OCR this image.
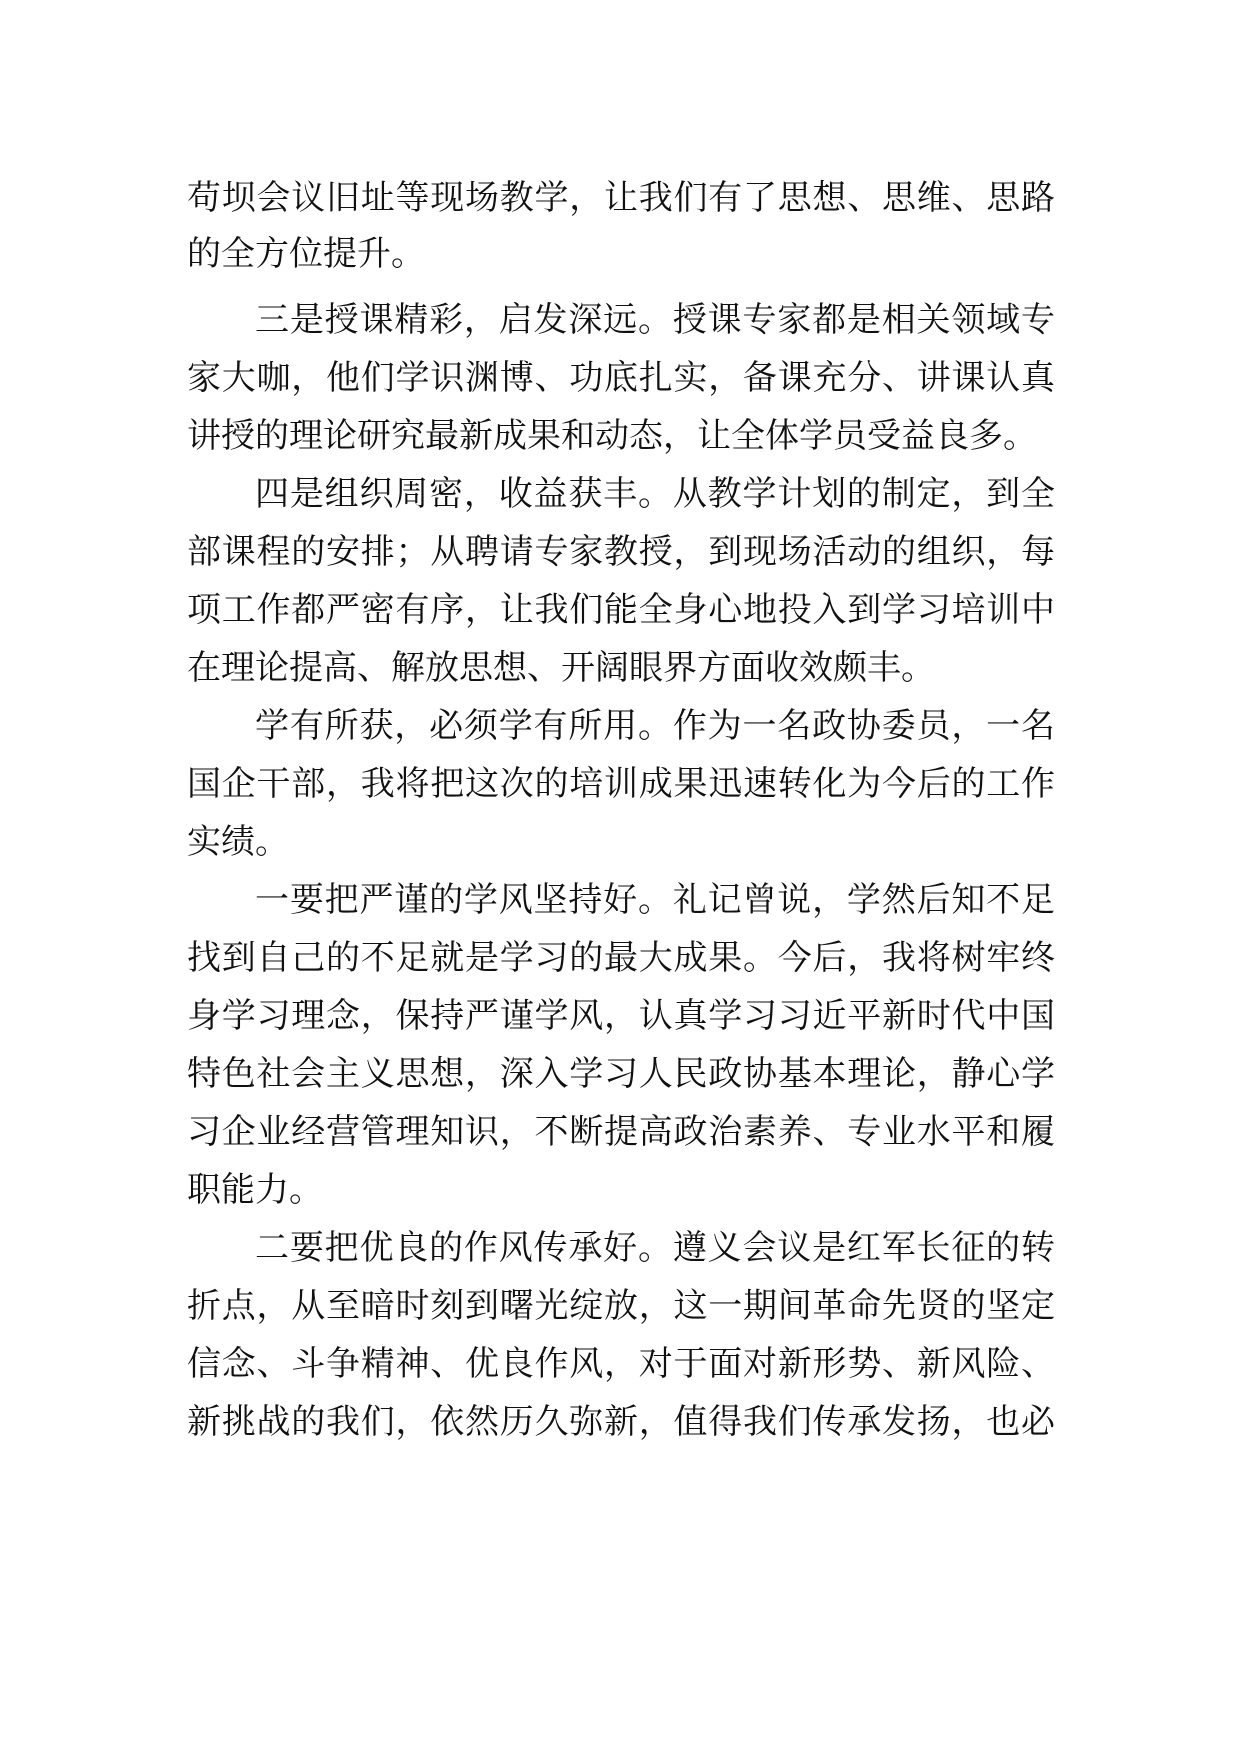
苟坝会议旧址等现场教学，让我们有了思想、思维、思路
的全方位提升。
三是授课精彩，启发深远。授课专家都是相关领域专
家大咖，他们学识渊博、功底扎实，备课充分、讲课认真
讲授的理论研究最新成果和动态，让全体学员受益良多。
四是组织周密，收益获丰。从教学计划的制定，到全
部课程的安排；从聘请专家教授，到现场活动的组织，每
项工作都严密有序，让我们能全身心地投入到学习培训中
在理论提高、解放思想、开阔眼界方面收效颇丰。
学有所获，必须学有所用。作为一名政协委员，一名
国企干部，我将把这次的培训成果迅速转化为今后的工作
实绩。
一要把严谨的学风坚持好。礼记曾说，学然后知不足
找到自己的不足就是学习的最大成果。今后，我将树牢终
身学习理念，保持严谨学风，认真学习习近平新时代中国
特色社会主义思想，深入学习人民政协基本理论，静心学
习企业经营管理知识，不断提高政治素养、专业水平和履
职能力。
二要把优良的作风传承好。遵义会议是红军长征的转
折点，从至暗时刻到曙光绽放，这一期间革命先贤的坚定
信念、斗争精神、优良作风，对于面对新形势、新风险、
新挑战的我们，依然历久弥新，值得我们传承发扬，也必
